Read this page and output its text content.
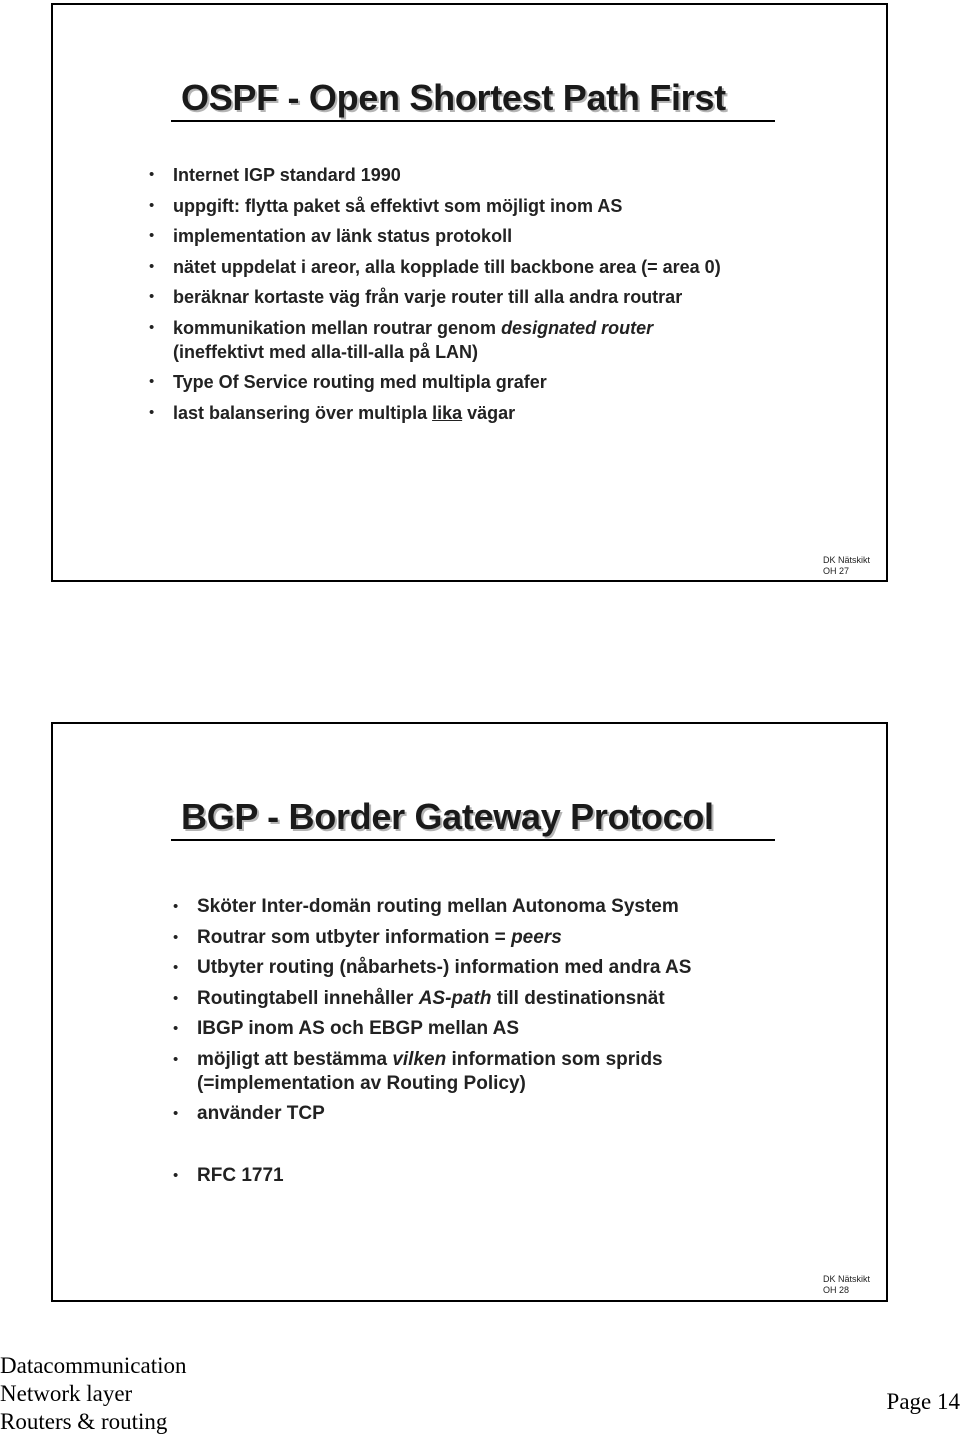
OSPF - Open Shortest Path First
• Internet IGP standard 1990
• uppgift: flytta paket så effektivt som möjligt inom AS
• implementation av länk status protokoll
• nätet uppdelat i areor, alla kopplade till backbone area (= area 0)
• beräknar kortaste väg från varje router till alla andra routrar
• kommunikation mellan routrar genom designated router
(ineffektivt med alla-till-alla på LAN)
• Type Of Service routing med multipla grafer
• last balansering över multipla lika vägar
DK Nätskikt
OH 27
BGP - Border Gateway Protocol
• Sköter Inter-domän routing mellan Autonoma System
• Routrar som utbyter information = peers
• Utbyter routing (nåbarhets-) information med andra AS
• Routingtabell innehåller AS-path till destinationsnät
• IBGP inom AS och EBGP mellan AS
• möjligt att bestämma vilken information som sprids
(=implementation av Routing Policy)
• använder TCP
• RFC 1771
DK Nätskikt
OH 28
Datacommunication
Network layer
Routers & routing
Page 14
